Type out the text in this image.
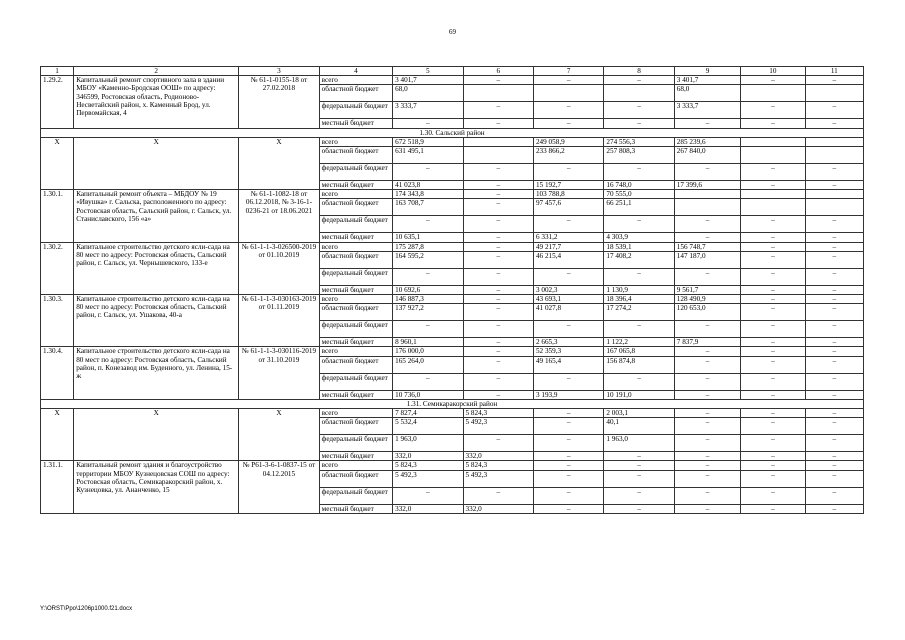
69
1	2	3	4	5	6	7	8	9	10	11
1.29.2.	Капитальный ремонт спортивного зала в здании МБОУ «Каменно-Бродская ООШ» по адресу: 346599, Ростовская область, Родионово-Несветайский район, х. Каменный Брод, ул. Первомайская, 4	№ 61-1-0155-18 от 27.02.2018	всего	3 401,7	–	–	–	3 401,7	–	–
			областной бюджет	68,0				68,0		
			федеральный бюджет	3 333,7	–	–	–	3 333,7	–	–
			местный бюджет	–	–	–	–	–	–	–
1.30. Сальский район										
Х	Х	Х	всего	672 518,9		249 058,9	274 556,3	285 239,6		
			областной бюджет	631 495,1		233 866,2	257 808,3	267 840,0		
			федеральный бюджет	–	–	–	–	–	–	–
			местный бюджет	41 023,8	–	15 192,7	16 748,0	17 399,6	–	–
1.30.1.	Капитальный ремонт объекта – МБДОУ № 19 «Ивушка» г. Сальска, расположенного по адресу: Ростовская область, Сальский район, г. Сальск, ул. Станиславского, 156 «а»	№ 61-1-1082-18 от 06.12.2018, № 3-16-1-0236-21 от 18.06.2021	всего	174 343,8	–	103 788,8	70 555,0			
			областной бюджет	163 708,7	–	97 457,6	66 251,1			
			федеральный бюджет	–	–	–	–	–	–	–
			местный бюджет	10 635,1	–	6 331,2	4 303,9	–	–	–
1.30.2.	Капитальное строительство детского ясли-сада на 80 мест по адресу: Ростовская область, Сальский район, г. Сальск, ул. Чернышевского, 133-е	№ 61-1-1-3-026500-2019 от 01.10.2019	всего	175 287,8	–	49 217,7	18 539,1	156 748,7	–	–
			областной бюджет	164 595,2	–	46 215,4	17 408,2	147 187,0	–	–
			федеральный бюджет	–	–	–	–	–	–	–
			местный бюджет	10 692,6	–	3 002,3	1 130,9	9 561,7	–	–
1.30.3.	Капитальное строительство детского ясли-сада на 80 мест по адресу: Ростовская область, Сальский район, г. Сальск, ул. Ушакова, 40-а	№ 61-1-1-3-030163-2019 от 01.11.2019	всего	146 887,3	–	43 693,1	18 396,4	128 490,9	–	–
			областной бюджет	137 927,2	–	41 027,8	17 274,2	120 653,0	–	–
			федеральный бюджет	–	–	–	–	–	–	–
			местный бюджет	8 960,1	–	2 665,3	1 122,2	7 837,9	–	–
1.30.4.	Капитальное строительство детского ясли-сада на 80 мест по адресу: Ростовская область, Сальский район, п. Конезавод им. Буденного, ул. Ленина, 15-ж	№ 61-1-1-3-030116-2019 от 31.10.2019	всего	176 000,0	–	52 359,3	167 065,8	–	–	–
			областной бюджет	165 264,0	–	49 165,4	156 874,8	–	–	–
			федеральный бюджет	–	–	–	–	–	–	–
			местный бюджет	10 736,0	–	3 193,9	10 191,0	–	–	–
1.31. Семикаракорский район										
Х	Х	Х	всего	7 827,4	5 824,3	–	2 003,1	–	–	–
			областной бюджет	5 532,4	5 492,3	–	40,1	–	–	–
			федеральный бюджет	1 963,0	–	–	1 963,0	–	–	–
			местный бюджет	332,0	332,0	–	–	–	–	–
1.31.1.	Капитальный ремонт здания и благоустройство территории МБОУ Кузнецовская СОШ по адресу: Ростовская область, Семикаракорский район, х. Кузнецовка, ул. Ананченко, 15	№ Р61-3-6-1-0837-15 от 04.12.2015	всего	5 824,3	5 824,3	–	–	–	–	–
			областной бюджет	5 492,3	5 492,3	–	–	–	–	–
			федеральный бюджет	–	–	–	–	–	–	–
			местный бюджет	332,0	332,0	–	–	–	–	–
Y:\ORST\Ppo\1206p1000.f21.docx
